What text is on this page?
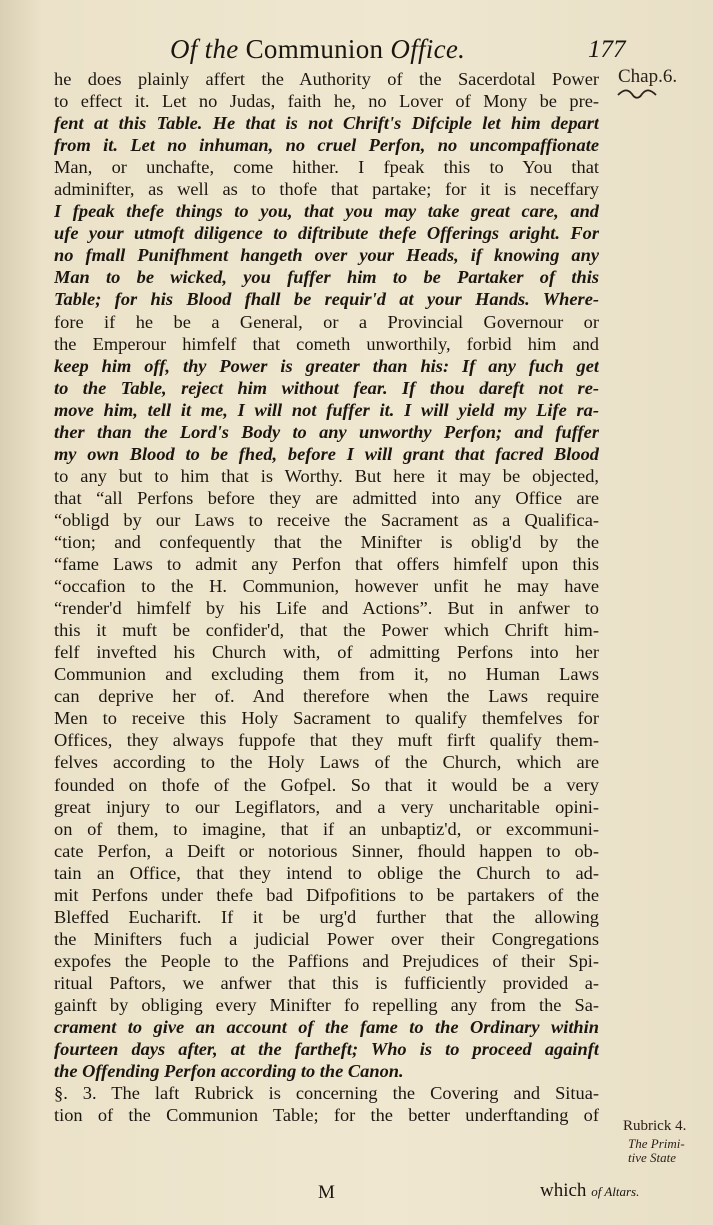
Of the Communion Office.	177
Chap.6.
he does plainly affert the Authority of the Sacerdotal Power
to effect it. Let no Judas, faith he, no Lover of Mony be pre-
fent at this Table. He that is not Chrift's Difciple let him depart
from it. Let no inhuman, no cruel Perfon, no uncompaffionate
Man, or unchafte, come hither. I fpeak this to You that
adminifter, as well as to thofe that partake; for it is neceffary
I fpeak thefe things to you, that you may take great care, and
ufe your utmoft diligence to diftribute thefe Offerings aright. For
no fmall Punifhment hangeth over your Heads, if knowing any
Man to be wicked, you fuffer him to be Partaker of this
Table; for his Blood fhall be requir'd at your Hands. Where-
fore if he be a General, or a Provincial Governour or
the Emperour himfelf that cometh unworthily, forbid him and
keep him off, thy Power is greater than his: If any fuch get
to the Table, reject him without fear. If thou dareft not re-
move him, tell it me, I will not fuffer it. I will yield my Life ra-
ther than the Lord's Body to any unworthy Perfon; and fuffer
my own Blood to be fhed, before I will grant that facred Blood
to any but to him that is Worthy. But here it may be objected,
that “all Perfons before they are admitted into any Office are
“obligd by our Laws to receive the Sacrament as a Qualifica-
“tion; and confequently that the Minifter is oblig'd by the
“fame Laws to admit any Perfon that offers himfelf upon this
“occafion to the H. Communion, however unfit he may have
“render'd himfelf by his Life and Actions”. But in anfwer to
this it muft be confider'd, that the Power which Chrift him-
felf invefted his Church with, of admitting Perfons into her
Communion and excluding them from it, no Human Laws
can deprive her of. And therefore when the Laws require
Men to receive this Holy Sacrament to qualify themfelves for
Offices, they always fuppofe that they muft firft qualify them-
felves according to the Holy Laws of the Church, which are
founded on thofe of the Gofpel. So that it would be a very
great injury to our Legiflators, and a very uncharitable opini-
on of them, to imagine, that if an unbaptiz'd, or excommuni-
cate Perfon, a Deift or notorious Sinner, fhould happen to ob-
tain an Office, that they intend to oblige the Church to ad-
mit Perfons under thefe bad Difpofitions to be partakers of the
Bleffed Eucharift. If it be urg'd further that the allowing
the Minifters fuch a judicial Power over their Congregations
expofes the People to the Paffions and Prejudices of their Spi-
ritual Paftors, we anfwer that this is fufficiently provided a-
gainft by obliging every Minifter fo repelling any from the Sa-
crament to give an account of the fame to the Ordinary within
fourteen days after, at the fartheft; Who is to proceed againft
the Offending Perfon according to the Canon.
§. 3. The laft Rubrick is concerning the Covering and Situa-
tion of the Communion Table; for the better underftanding of
Rubrick 4.
The Primi-
tive State
M	which of Altars.
